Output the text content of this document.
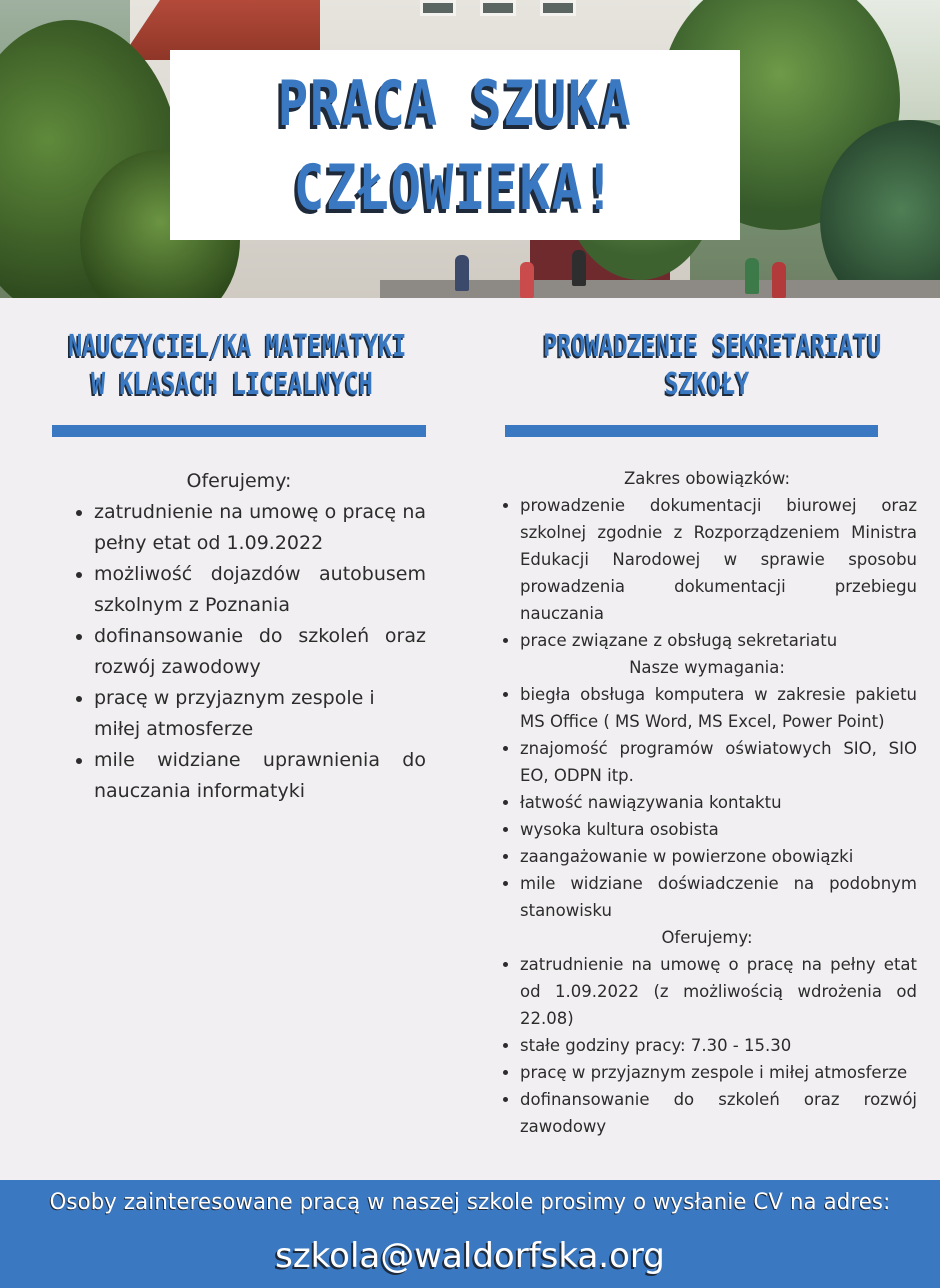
PRACA SZUKA
CZŁOWIEKA!
NAUCZYCIEL/KA MATEMATYKI
W KLASACH LICEALNYCH
Oferujemy:
• zatrudnienie na umowę o pracę na pełny etat od 1.09.2022
• możliwość dojazdów autobusem szkolnym z Poznania
• dofinansowanie do szkoleń oraz rozwój zawodowy
• pracę w przyjaznym zespole i miłej atmosferze
• mile widziane uprawnienia do nauczania informatyki
PROWADZENIE SEKRETARIATU
SZKOŁY
Zakres obowiązków:
• prowadzenie dokumentacji biurowej oraz szkolnej zgodnie z Rozporządzeniem Ministra Edukacji Narodowej w sprawie sposobu prowadzenia dokumentacji przebiegu nauczania
• prace związane z obsługą sekretariatu
Nasze wymagania:
• biegła obsługa komputera w zakresie pakietu MS Office ( MS Word, MS Excel, Power Point)
• znajomość programów oświatowych SIO, SIO EO, ODPN itp.
• łatwość nawiązywania kontaktu
• wysoka kultura osobista
• zaangażowanie w powierzone obowiązki
• mile widziane doświadczenie na podobnym stanowisku
Oferujemy:
• zatrudnienie na umowę o pracę na pełny etat od 1.09.2022 (z możliwością wdrożenia od 22.08)
• stałe godziny pracy: 7.30 - 15.30
• pracę w przyjaznym zespole i miłej atmosferze
• dofinansowanie do szkoleń oraz rozwój zawodowy
Osoby zainteresowane pracą w naszej szkole prosimy o wysłanie CV na adres:
szkola@waldorfska.org
